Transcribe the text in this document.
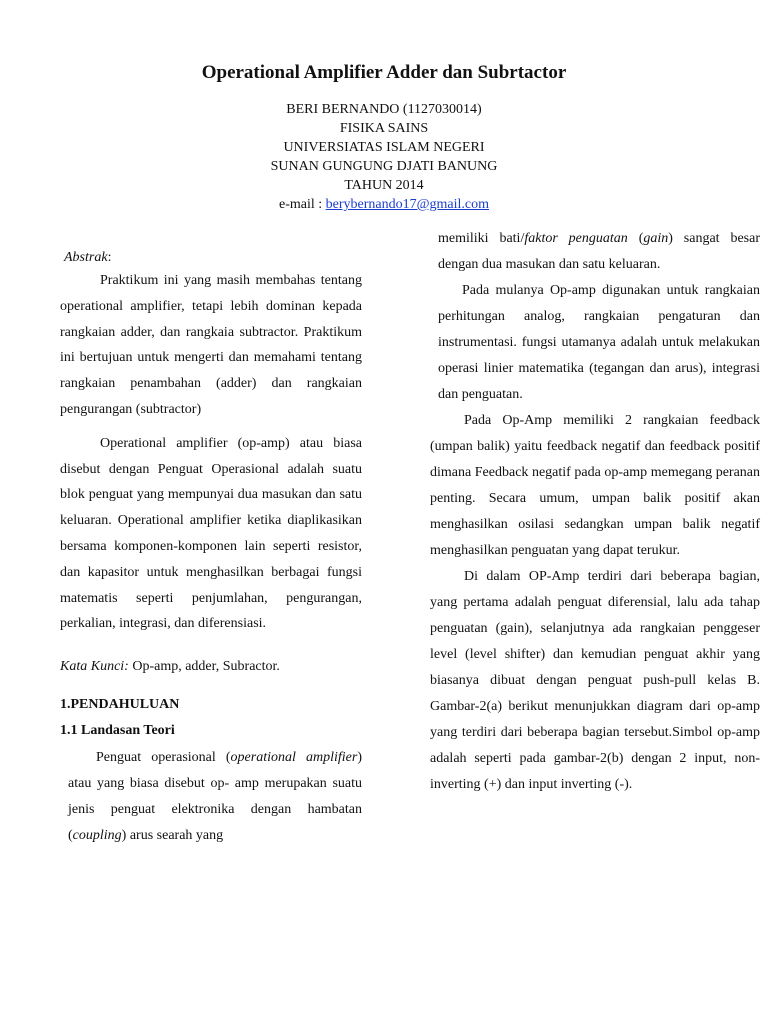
Operational Amplifier Adder dan Subrtactor
BERI BERNANDO (1127030014)
FISIKA SAINS
UNIVERSIATAS ISLAM NEGERI
SUNAN GUNGUNG DJATI BANUNG
TAHUN 2014
e-mail : berybernando17@gmail.com
Abstrak:

Praktikum ini yang masih membahas tentang operational amplifier, tetapi lebih dominan kepada rangkaian adder, dan rangkaia subtractor. Praktikum ini bertujuan untuk mengerti dan memahami tentang rangkaian penambahan (adder) dan rangkaian pengurangan (subtractor)

Operational amplifier (op-amp) atau biasa disebut dengan Penguat Operasional adalah suatu blok penguat yang mempunyai dua masukan dan satu keluaran. Operational amplifier ketika diaplikasikan bersama komponen-komponen lain seperti resistor, dan kapasitor untuk menghasilkan berbagai fungsi matematis seperti penjumlahan, pengurangan, perkalian, integrasi, dan diferensiasi.

Kata Kunci: Op-amp, adder, Subractor.
1.PENDAHULUAN
1.1 Landasan Teori

Penguat operasional (operational amplifier) atau yang biasa disebut op- amp merupakan suatu jenis penguat elektronika dengan hambatan (coupling) arus searah yang

memiliki bati/faktor penguatan (gain) sangat besar dengan dua masukan dan satu keluaran.

Pada mulanya Op-amp digunakan untuk rangkaian perhitungan analog, rangkaian pengaturan dan instrumentasi. fungsi utamanya adalah untuk melakukan operasi linier matematika (tegangan dan arus), integrasi dan penguatan.

Pada Op-Amp memiliki 2 rangkaian feedback (umpan balik) yaitu feedback negatif dan feedback positif dimana Feedback negatif pada op-amp memegang peranan penting. Secara umum, umpan balik positif akan menghasilkan osilasi sedangkan umpan balik negatif menghasilkan penguatan yang dapat terukur.

Di dalam OP-Amp terdiri dari beberapa bagian, yang pertama adalah penguat diferensial, lalu ada tahap penguatan (gain), selanjutnya ada rangkaian penggeser level (level shifter) dan kemudian penguat akhir yang biasanya dibuat dengan penguat push-pull kelas B. Gambar-2(a) berikut menunjukkan diagram dari op-amp yang terdiri dari beberapa bagian tersebut.Simbol op-amp adalah seperti pada gambar-2(b) dengan 2 input, non-inverting (+) dan input inverting (-).
